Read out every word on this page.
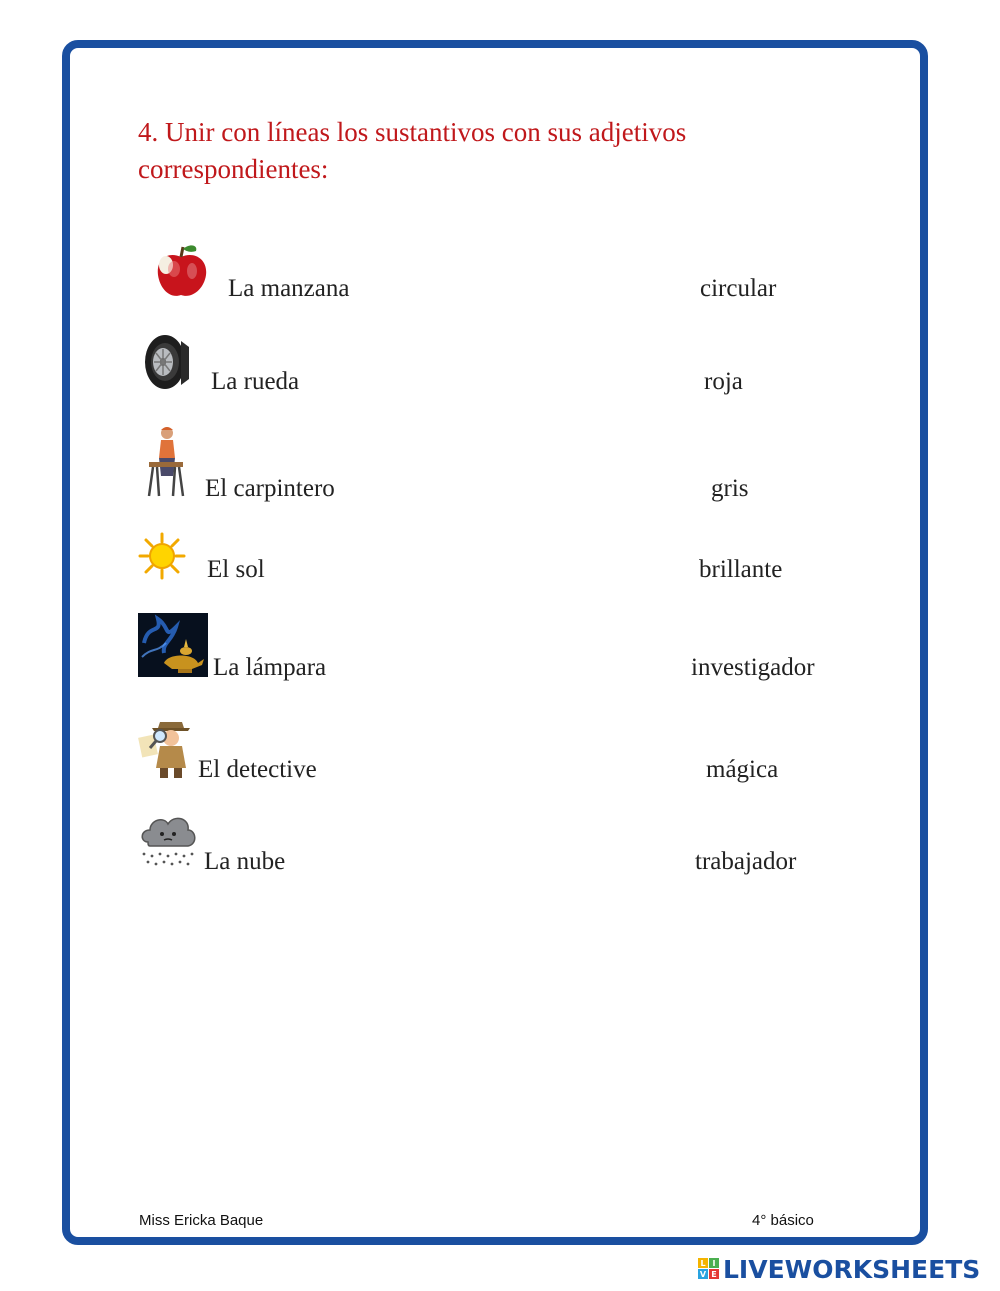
4. Unir con líneas los sustantivos con sus adjetivos correspondientes:
La manzana
La rueda
El carpintero
El sol
La lámpara
El detective
La nube
circular
roja
gris
brillante
investigador
mágica
trabajador
Miss Ericka Baque	4° básico
L I
V E LIVEWORKSHEETS
